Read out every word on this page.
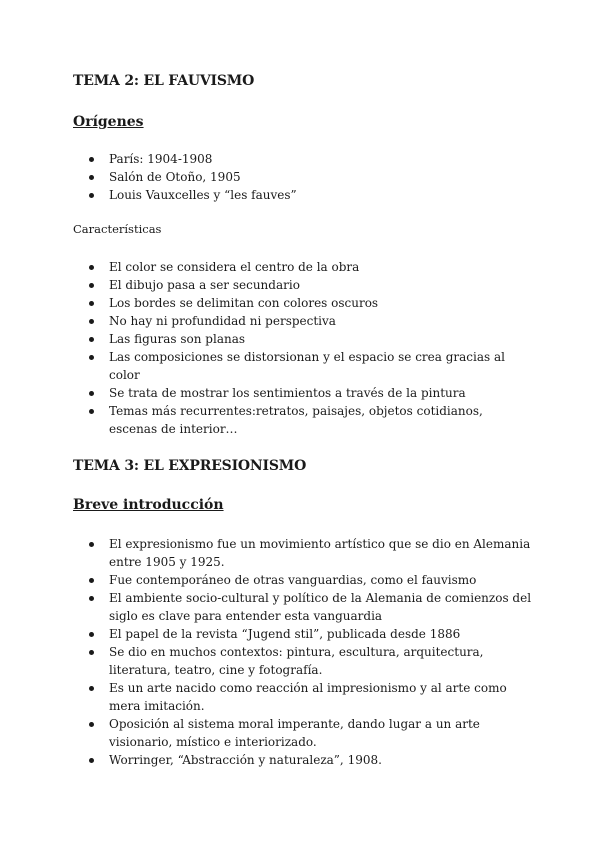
TEMA 2: EL FAUVISMO
Orígenes
París: 1904-1908
Salón de Otoño, 1905
Louis Vauxcelles y “les fauves”

Características

El color se considera el centro de la obra
El dibujo pasa a ser secundario
Los bordes se delimitan con colores oscuros
No hay ni profundidad ni perspectiva
Las figuras son planas
Las composiciones se distorsionan y el espacio se crea gracias al color
Se trata de mostrar los sentimientos a través de la pintura
Temas más recurrentes:retratos, paisajes, objetos cotidianos, escenas de interior…
TEMA 3: EL EXPRESIONISMO
Breve introducción
El expresionismo fue un movimiento artístico que se dio en Alemania entre 1905 y 1925.
Fue contemporáneo de otras vanguardias, como el fauvismo
El ambiente socio-cultural y político de la Alemania de comienzos del siglo es clave para entender esta vanguardia
El papel de la revista “Jugend stil”, publicada desde 1886
Se dio en muchos contextos: pintura, escultura, arquitectura, literatura, teatro, cine y fotografía.
Es un arte nacido como reacción al impresionismo y al arte como mera imitación.
Oposición al sistema moral imperante, dando lugar a un arte visionario, místico e interiorizado.
Worringer, “Abstracción y naturaleza”, 1908.
